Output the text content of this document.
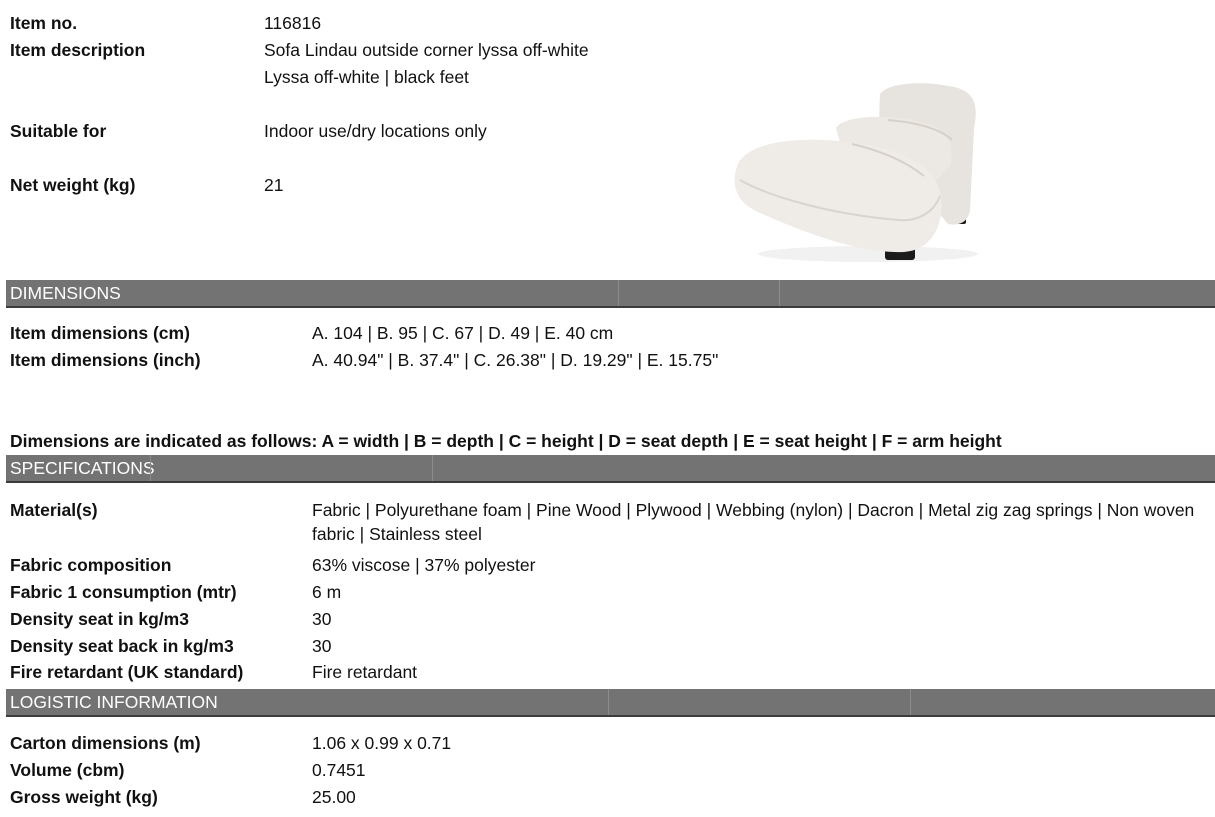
Item no.	116816
Item description	Sofa Lindau outside corner lyssa off-white
Lyssa off-white | black feet
Suitable for	Indoor use/dry locations only
Net weight (kg)	21
DIMENSIONS
Item dimensions (cm)	A. 104 | B. 95 | C. 67 | D. 49 | E. 40 cm
Item dimensions (inch)	A. 40.94" | B. 37.4" | C. 26.38" | D. 19.29" | E. 15.75"
Dimensions are indicated as follows: A = width | B = depth | C = height | D = seat depth | E = seat height | F = arm height
SPECIFICATIONS
Material(s)	Fabric | Polyurethane foam | Pine Wood | Plywood | Webbing (nylon) | Dacron | Metal zig zag springs | Non woven fabric | Stainless steel
Fabric composition	63% viscose | 37% polyester
Fabric 1 consumption (mtr)	6 m
Density seat in kg/m3	30
Density seat back in kg/m3	30
Fire retardant (UK standard)	Fire retardant
LOGISTIC INFORMATION
Carton dimensions (m)	1.06 x 0.99 x 0.71
Volume (cbm)	0.7451
Gross weight (kg)	25.00
